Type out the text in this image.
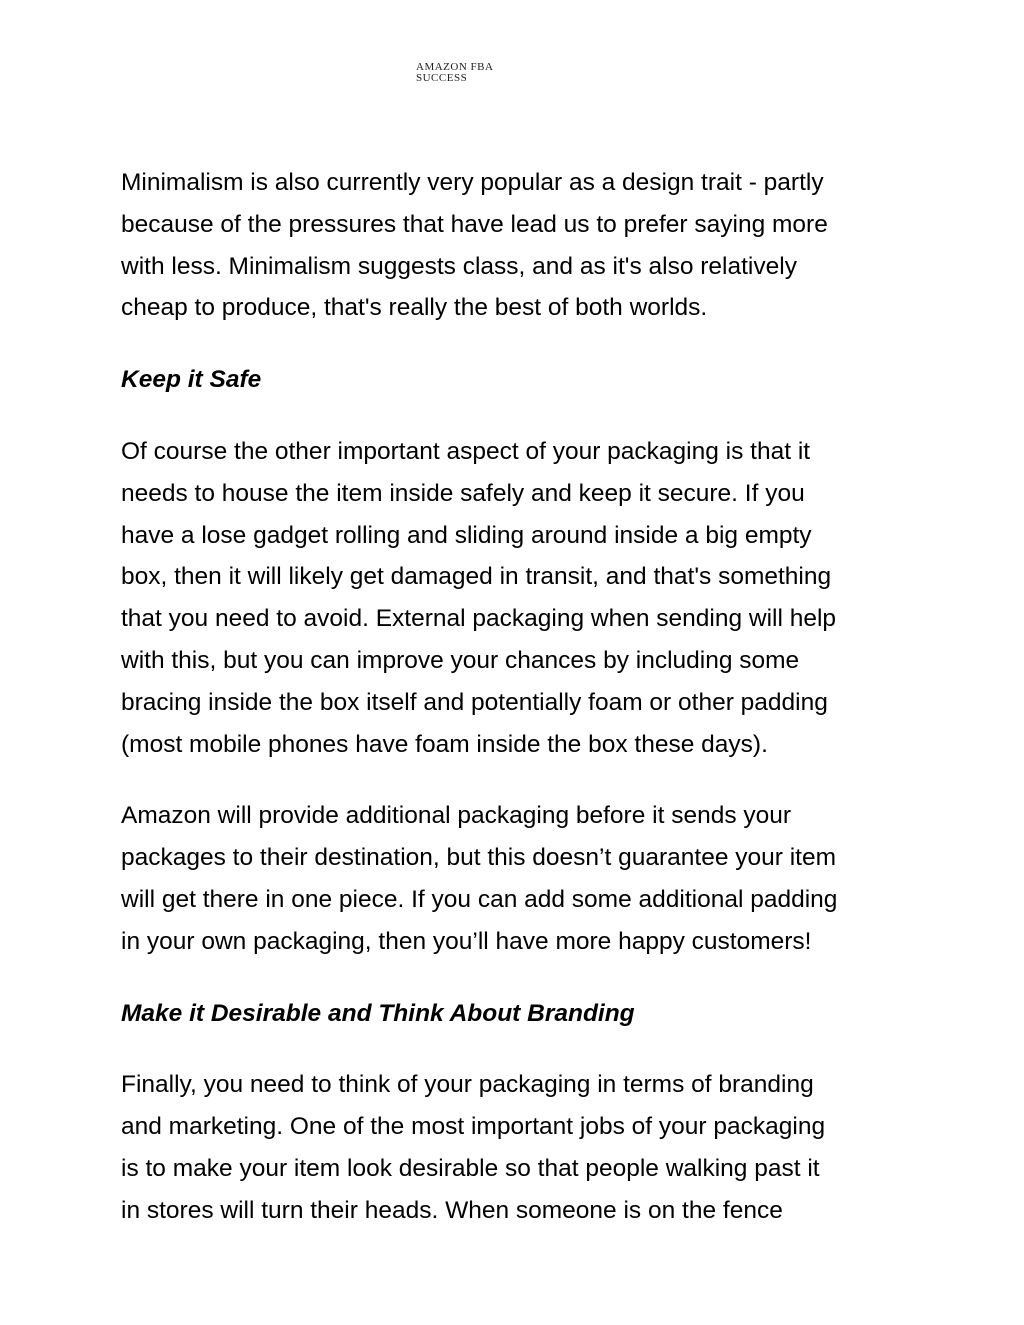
AMAZON FBA
SUCCESS

Minimalism is also currently very popular as a design trait - partly
because of the pressures that have lead us to prefer saying more
with less. Minimalism suggests class, and as it's also relatively
cheap to produce, that's really the best of both worlds.

Keep it Safe

Of course the other important aspect of your packaging is that it
needs to house the item inside safely and keep it secure. If you
have a lose gadget rolling and sliding around inside a big empty
box, then it will likely get damaged in transit, and that's something
that you need to avoid. External packaging when sending will help
with this, but you can improve your chances by including some
bracing inside the box itself and potentially foam or other padding
(most mobile phones have foam inside the box these days).

Amazon will provide additional packaging before it sends your
packages to their destination, but this doesn’t guarantee your item
will get there in one piece. If you can add some additional padding
in your own packaging, then you’ll have more happy customers!

Make it Desirable and Think About Branding

Finally, you need to think of your packaging in terms of branding
and marketing. One of the most important jobs of your packaging
is to make your item look desirable so that people walking past it
in stores will turn their heads. When someone is on the fence
